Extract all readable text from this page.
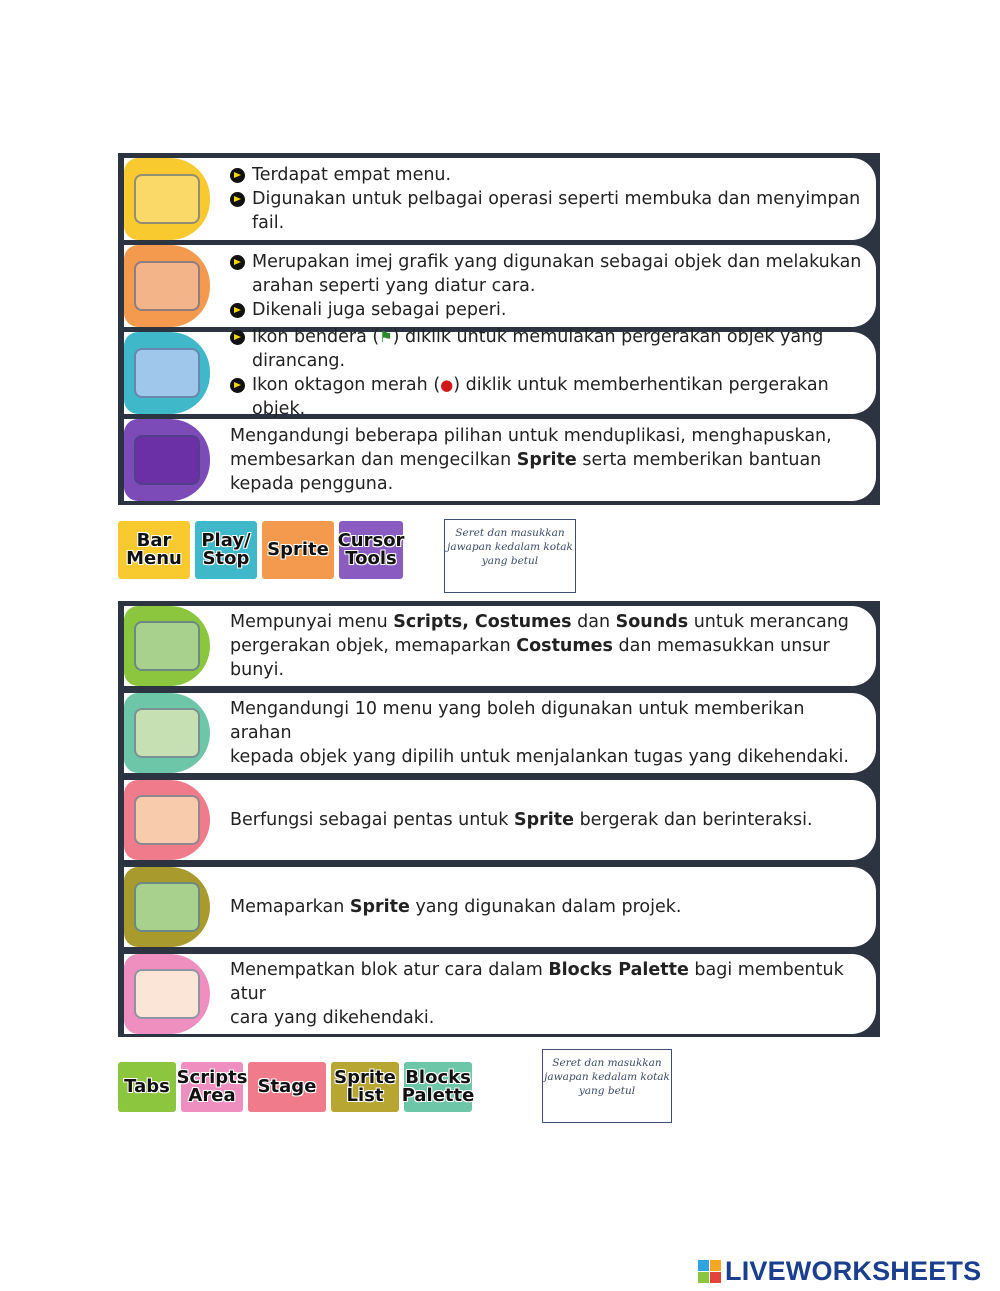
Terdapat empat menu.
Digunakan untuk pelbagai operasi seperti membuka dan menyimpan fail.
Merupakan imej grafik yang digunakan sebagai objek dan melakukan
arahan seperti yang diatur cara.
Dikenali juga sebagai peperi.
Ikon bendera (⚑) diklik untuk memulakan pergerakan objek yang dirancang.
Ikon oktagon merah (●) diklik untuk memberhentikan pergerakan objek.
Mengandungi beberapa pilihan untuk menduplikasi, menghapuskan,
membesarkan dan mengecilkan Sprite serta memberikan bantuan
kepada pengguna.
Bar Menu
Play/ Stop Sprite Cursor Tools
Seret dan masukkan jawapan kedalam kotak yang betul
Mempunyai menu Scripts, Costumes dan Sounds untuk merancang
pergerakan objek, memaparkan Costumes dan memasukkan unsur bunyi.
Mengandungi 10 menu yang boleh digunakan untuk memberikan arahan
kepada objek yang dipilih untuk menjalankan tugas yang dikehendaki.
Berfungsi sebagai pentas untuk Sprite bergerak dan berinteraksi.
Memaparkan Sprite yang digunakan dalam projek.
Menempatkan blok atur cara dalam Blocks Palette bagi membentuk atur
cara yang dikehendaki.
Tabs Scripts Area	Stage Sprite List
Blocks Palette
Seret dan masukkan jawapan kedalam kotak yang betul
LIVEWORKSHEETS
